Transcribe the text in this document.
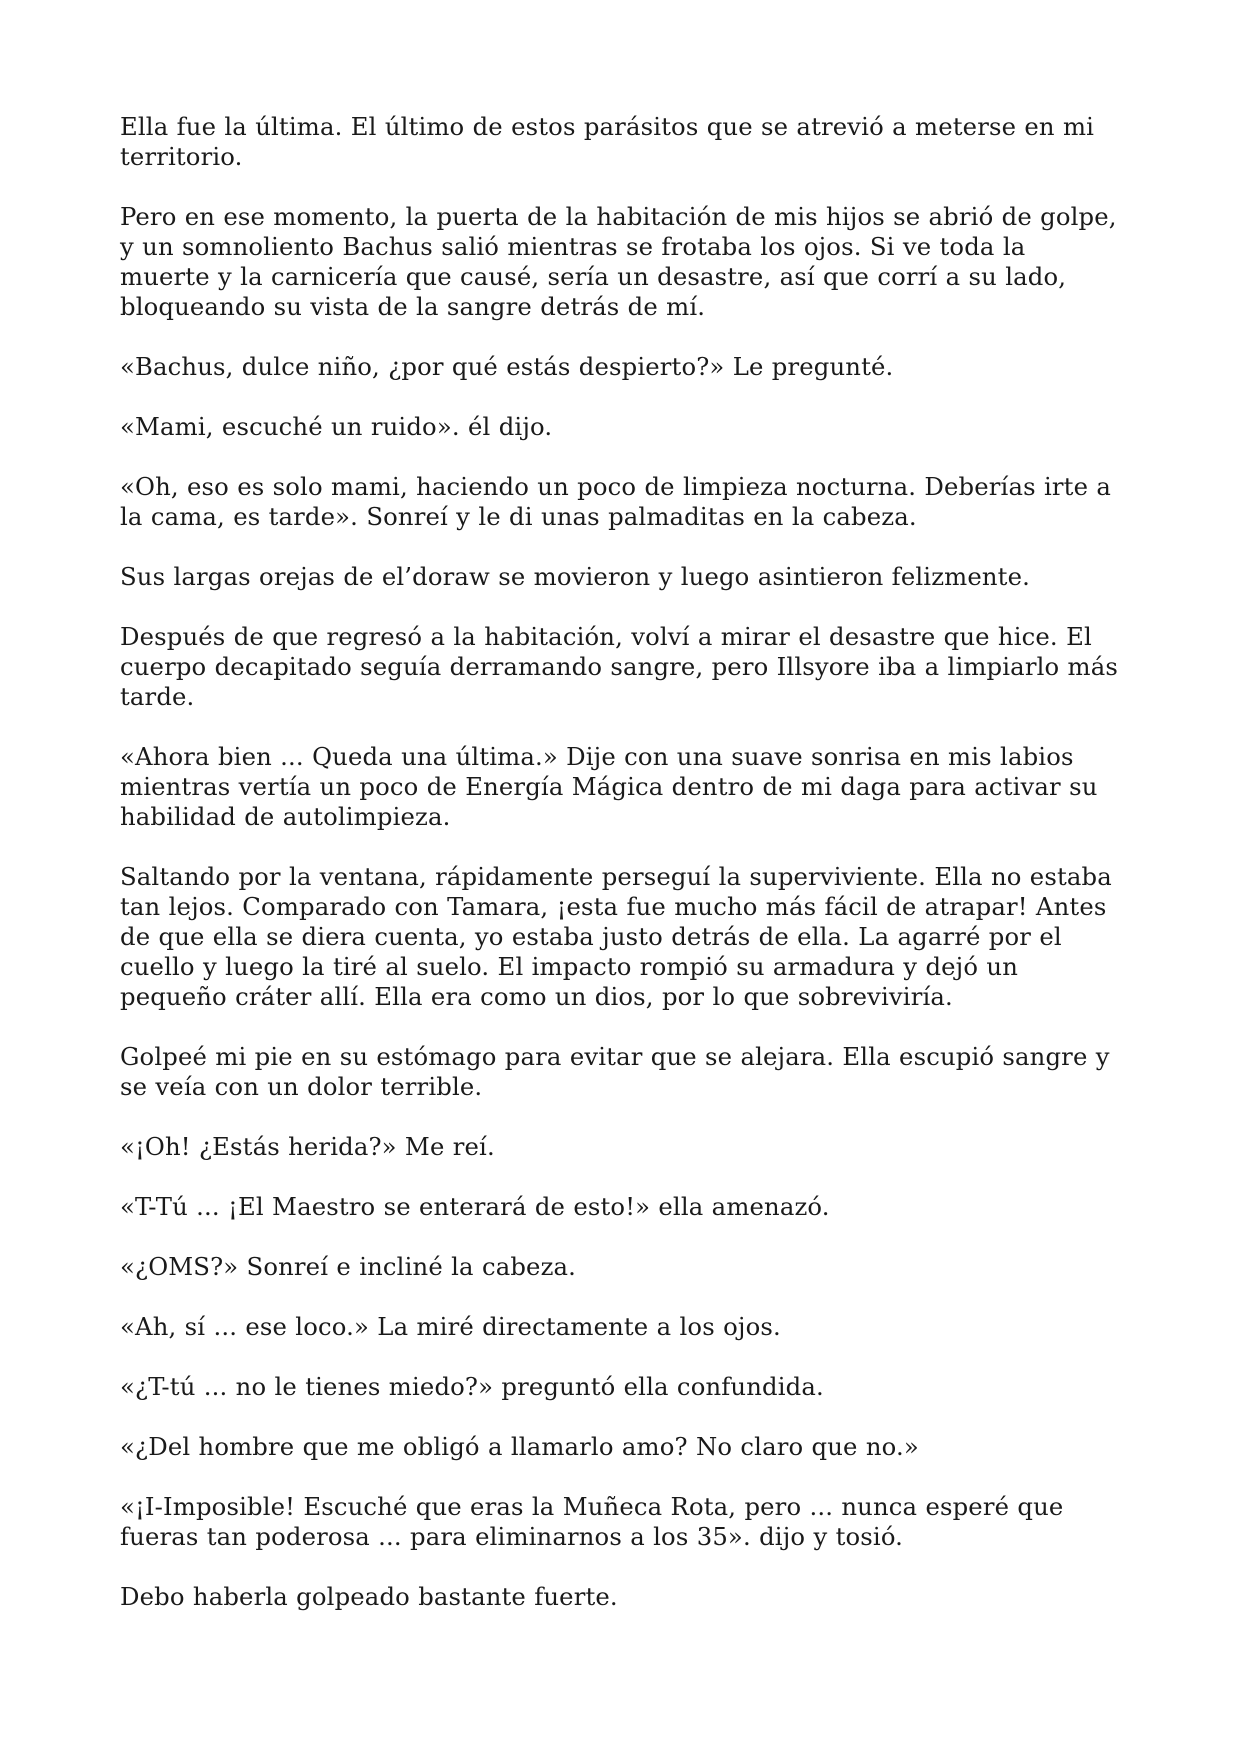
Ella fue la última. El último de estos parásitos que se atrevió a meterse en mi territorio.

Pero en ese momento, la puerta de la habitación de mis hijos se abrió de golpe, y un somnoliento Bachus salió mientras se frotaba los ojos. Si ve toda la muerte y la carnicería que causé, sería un desastre, así que corrí a su lado, bloqueando su vista de la sangre detrás de mí.

«Bachus, dulce niño, ¿por qué estás despierto?» Le pregunté.

«Mami, escuché un ruido». él dijo.

«Oh, eso es solo mami, haciendo un poco de limpieza nocturna. Deberías irte a la cama, es tarde». Sonreí y le di unas palmaditas en la cabeza.

Sus largas orejas de el’doraw se movieron y luego asintieron felizmente.

Después de que regresó a la habitación, volví a mirar el desastre que hice. El cuerpo decapitado seguía derramando sangre, pero Illsyore iba a limpiarlo más tarde.

«Ahora bien ... Queda una última.» Dije con una suave sonrisa en mis labios mientras vertía un poco de Energía Mágica dentro de mi daga para activar su habilidad de autolimpieza.

Saltando por la ventana, rápidamente perseguí la superviviente. Ella no estaba tan lejos. Comparado con Tamara, ¡esta fue mucho más fácil de atrapar! Antes de que ella se diera cuenta, yo estaba justo detrás de ella. La agarré por el cuello y luego la tiré al suelo. El impacto rompió su armadura y dejó un pequeño cráter allí. Ella era como un dios, por lo que sobreviviría.

Golpeé mi pie en su estómago para evitar que se alejara. Ella escupió sangre y se veía con un dolor terrible.

«¡Oh! ¿Estás herida?» Me reí.

«T-Tú ... ¡El Maestro se enterará de esto!» ella amenazó.

«¿OMS?» Sonreí e incliné la cabeza.

«Ah, sí ... ese loco.» La miré directamente a los ojos.

«¿T-tú ... no le tienes miedo?» preguntó ella confundida.

«¿Del hombre que me obligó a llamarlo amo? No claro que no.»

«¡I-Imposible! Escuché que eras la Muñeca Rota, pero ... nunca esperé que fueras tan poderosa ... para eliminarnos a los 35». dijo y tosió.

Debo haberla golpeado bastante fuerte.
